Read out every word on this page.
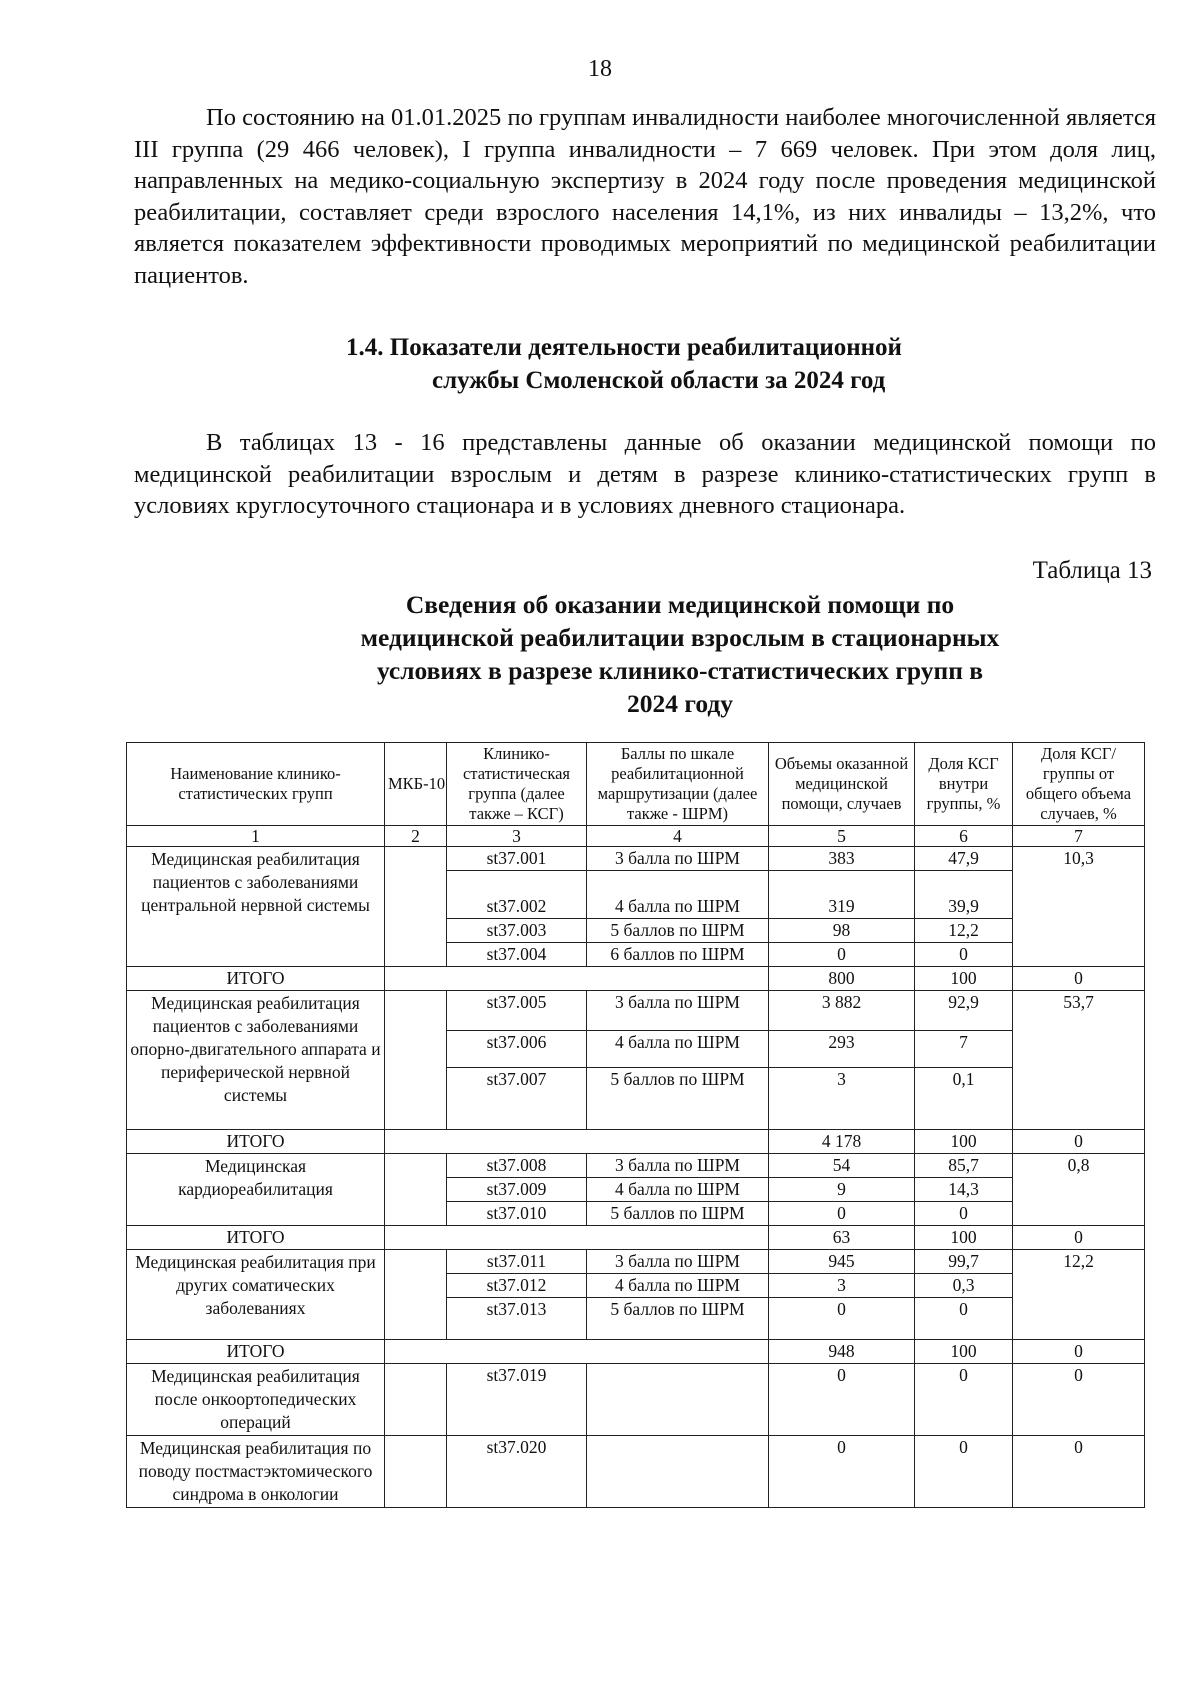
18
По состоянию на 01.01.2025 по группам инвалидности наиболее многочисленной является III группа (29 466 человек), I группа инвалидности – 7 669 человек. При этом доля лиц, направленных на медико-социальную экспертизу в 2024 году после проведения медицинской реабилитации, составляет среди взрослого населения 14,1%, из них инвалиды – 13,2%, что является показателем эффективности проводимых мероприятий по медицинской реабилитации пациентов.
1.4. Показатели деятельности реабилитационной
службы Смоленской области за 2024 год
В таблицах 13 - 16 представлены данные об оказании медицинской помощи по медицинской реабилитации взрослым и детям в разрезе клинико-статистических групп в условиях круглосуточного стационара и в условиях дневного стационара.
Таблица 13
Сведения об оказании медицинской помощи по медицинской реабилитации взрослым в стационарных условиях в разрезе клинико-статистических групп в 2024 году
Наименование клинико-статистических групп	МКБ-10	Клинико-статистическая группа (далее также – КСГ)	Баллы по шкале реабилитационной маршрутизации (далее также - ШРМ)	Объемы оказанной медицинской помощи, случаев	Доля КСГ внутри группы, %	Доля КСГ/группы от общего объема случаев, %
1	2	3	4	5	6	7
Медицинская реабилитация пациентов с заболеваниями центральной нервной системы		st37.001	3 балла по ШРМ	383	47,9	10,3
		st37.002	4 балла по ШРМ	319	39,9	
		st37.003	5 баллов по ШРМ	98	12,2	
		st37.004	6 баллов по ШРМ	0	0	
ИТОГО				800	100	0
Медицинская реабилитация пациентов с заболеваниями опорно-двигательного аппарата и периферической нервной системы		st37.005	3 балла по ШРМ	3 882	92,9	53,7
		st37.006	4 балла по ШРМ	293	7	
		st37.007	5 баллов по ШРМ	3	0,1	
ИТОГО				4 178	100	0
Медицинская кардиореабилитация		st37.008	3 балла по ШРМ	54	85,7	0,8
		st37.009	4 балла по ШРМ	9	14,3	
		st37.010	5 баллов по ШРМ	0	0	
ИТОГО				63	100	0
Медицинская реабилитация при других соматических заболеваниях		st37.011	3 балла по ШРМ	945	99,7	12,2
		st37.012	4 балла по ШРМ	3	0,3	
		st37.013	5 баллов по ШРМ	0	0	
ИТОГО				948	100	0
Медицинская реабилитация после онкоортопедических операций		st37.019		0	0	0
Медицинская реабилитация по поводу постмастэктомического синдрома в онкологии		st37.020		0	0	0
